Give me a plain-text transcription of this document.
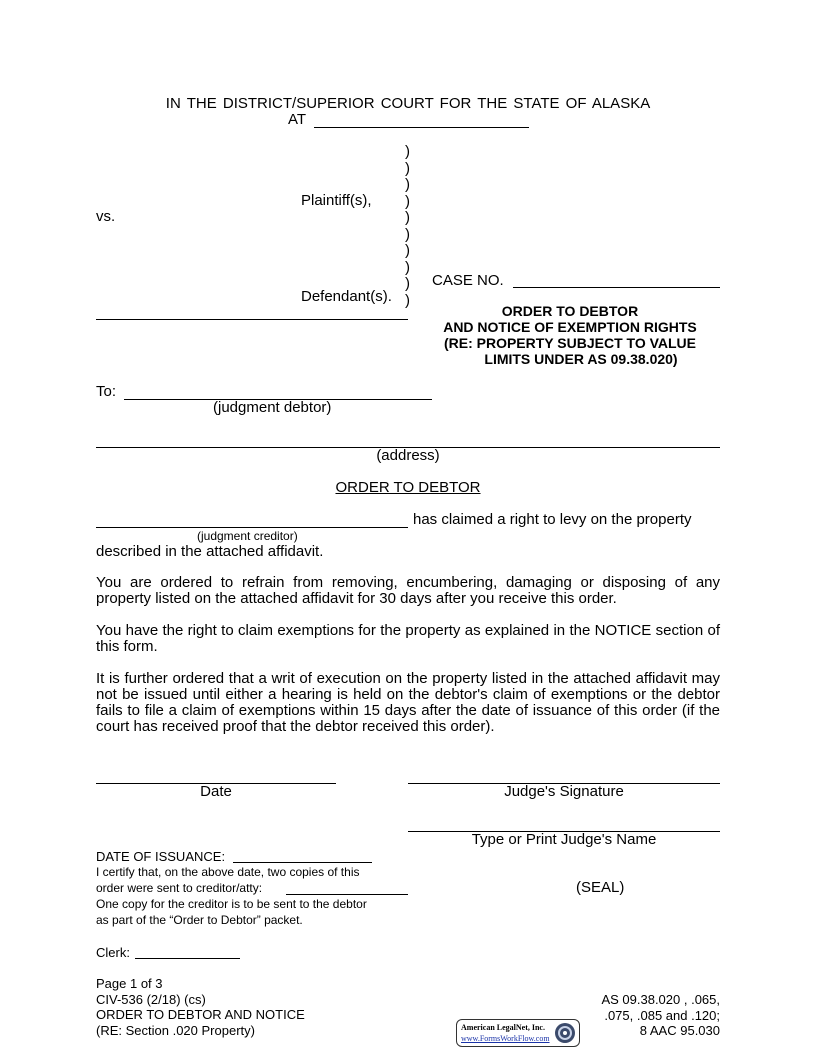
IN THE DISTRICT/SUPERIOR COURT FOR THE STATE OF ALASKA
AT
)
)
)
)
)
)
)
)
)
)
Plaintiff(s),
vs.
Defendant(s).
CASE NO.
ORDER TO DEBTOR
AND NOTICE OF EXEMPTION RIGHTS
(RE: PROPERTY SUBJECT TO VALUE
LIMITS UNDER AS 09.38.020)
To:
(judgment debtor)
(address)
ORDER TO DEBTOR
has claimed a right to levy on the property
(judgment creditor)
described in the attached affidavit.
You are ordered to refrain from removing, encumbering, damaging or disposing of any property listed on the attached affidavit for 30 days after you receive this order.
You have the right to claim exemptions for the property as explained in the NOTICE section of this form.
It is further ordered that a writ of execution on the property listed in the attached affidavit may not be issued until either a hearing is held on the debtor's claim of exemptions or the debtor fails to file a claim of exemptions within 15 days after the date of issuance of this order (if the court has received proof that the debtor received this order).
Date	Judge's Signature
Type or Print Judge's Name
(SEAL)
DATE OF ISSUANCE:
I certify that, on the above date, two copies of this
order were sent to creditor/atty:
One copy for the creditor is to be sent to the debtor
as part of the “Order to Debtor” packet.
Clerk:
Page 1 of 3
CIV-536 (2/18) (cs)
ORDER TO DEBTOR AND NOTICE
(RE: Section .020 Property)
AS 09.38.020 , .065,
.075, .085 and .120;
8 AAC 95.030
American LegalNet, Inc.
www.FormsWorkFlow.com
